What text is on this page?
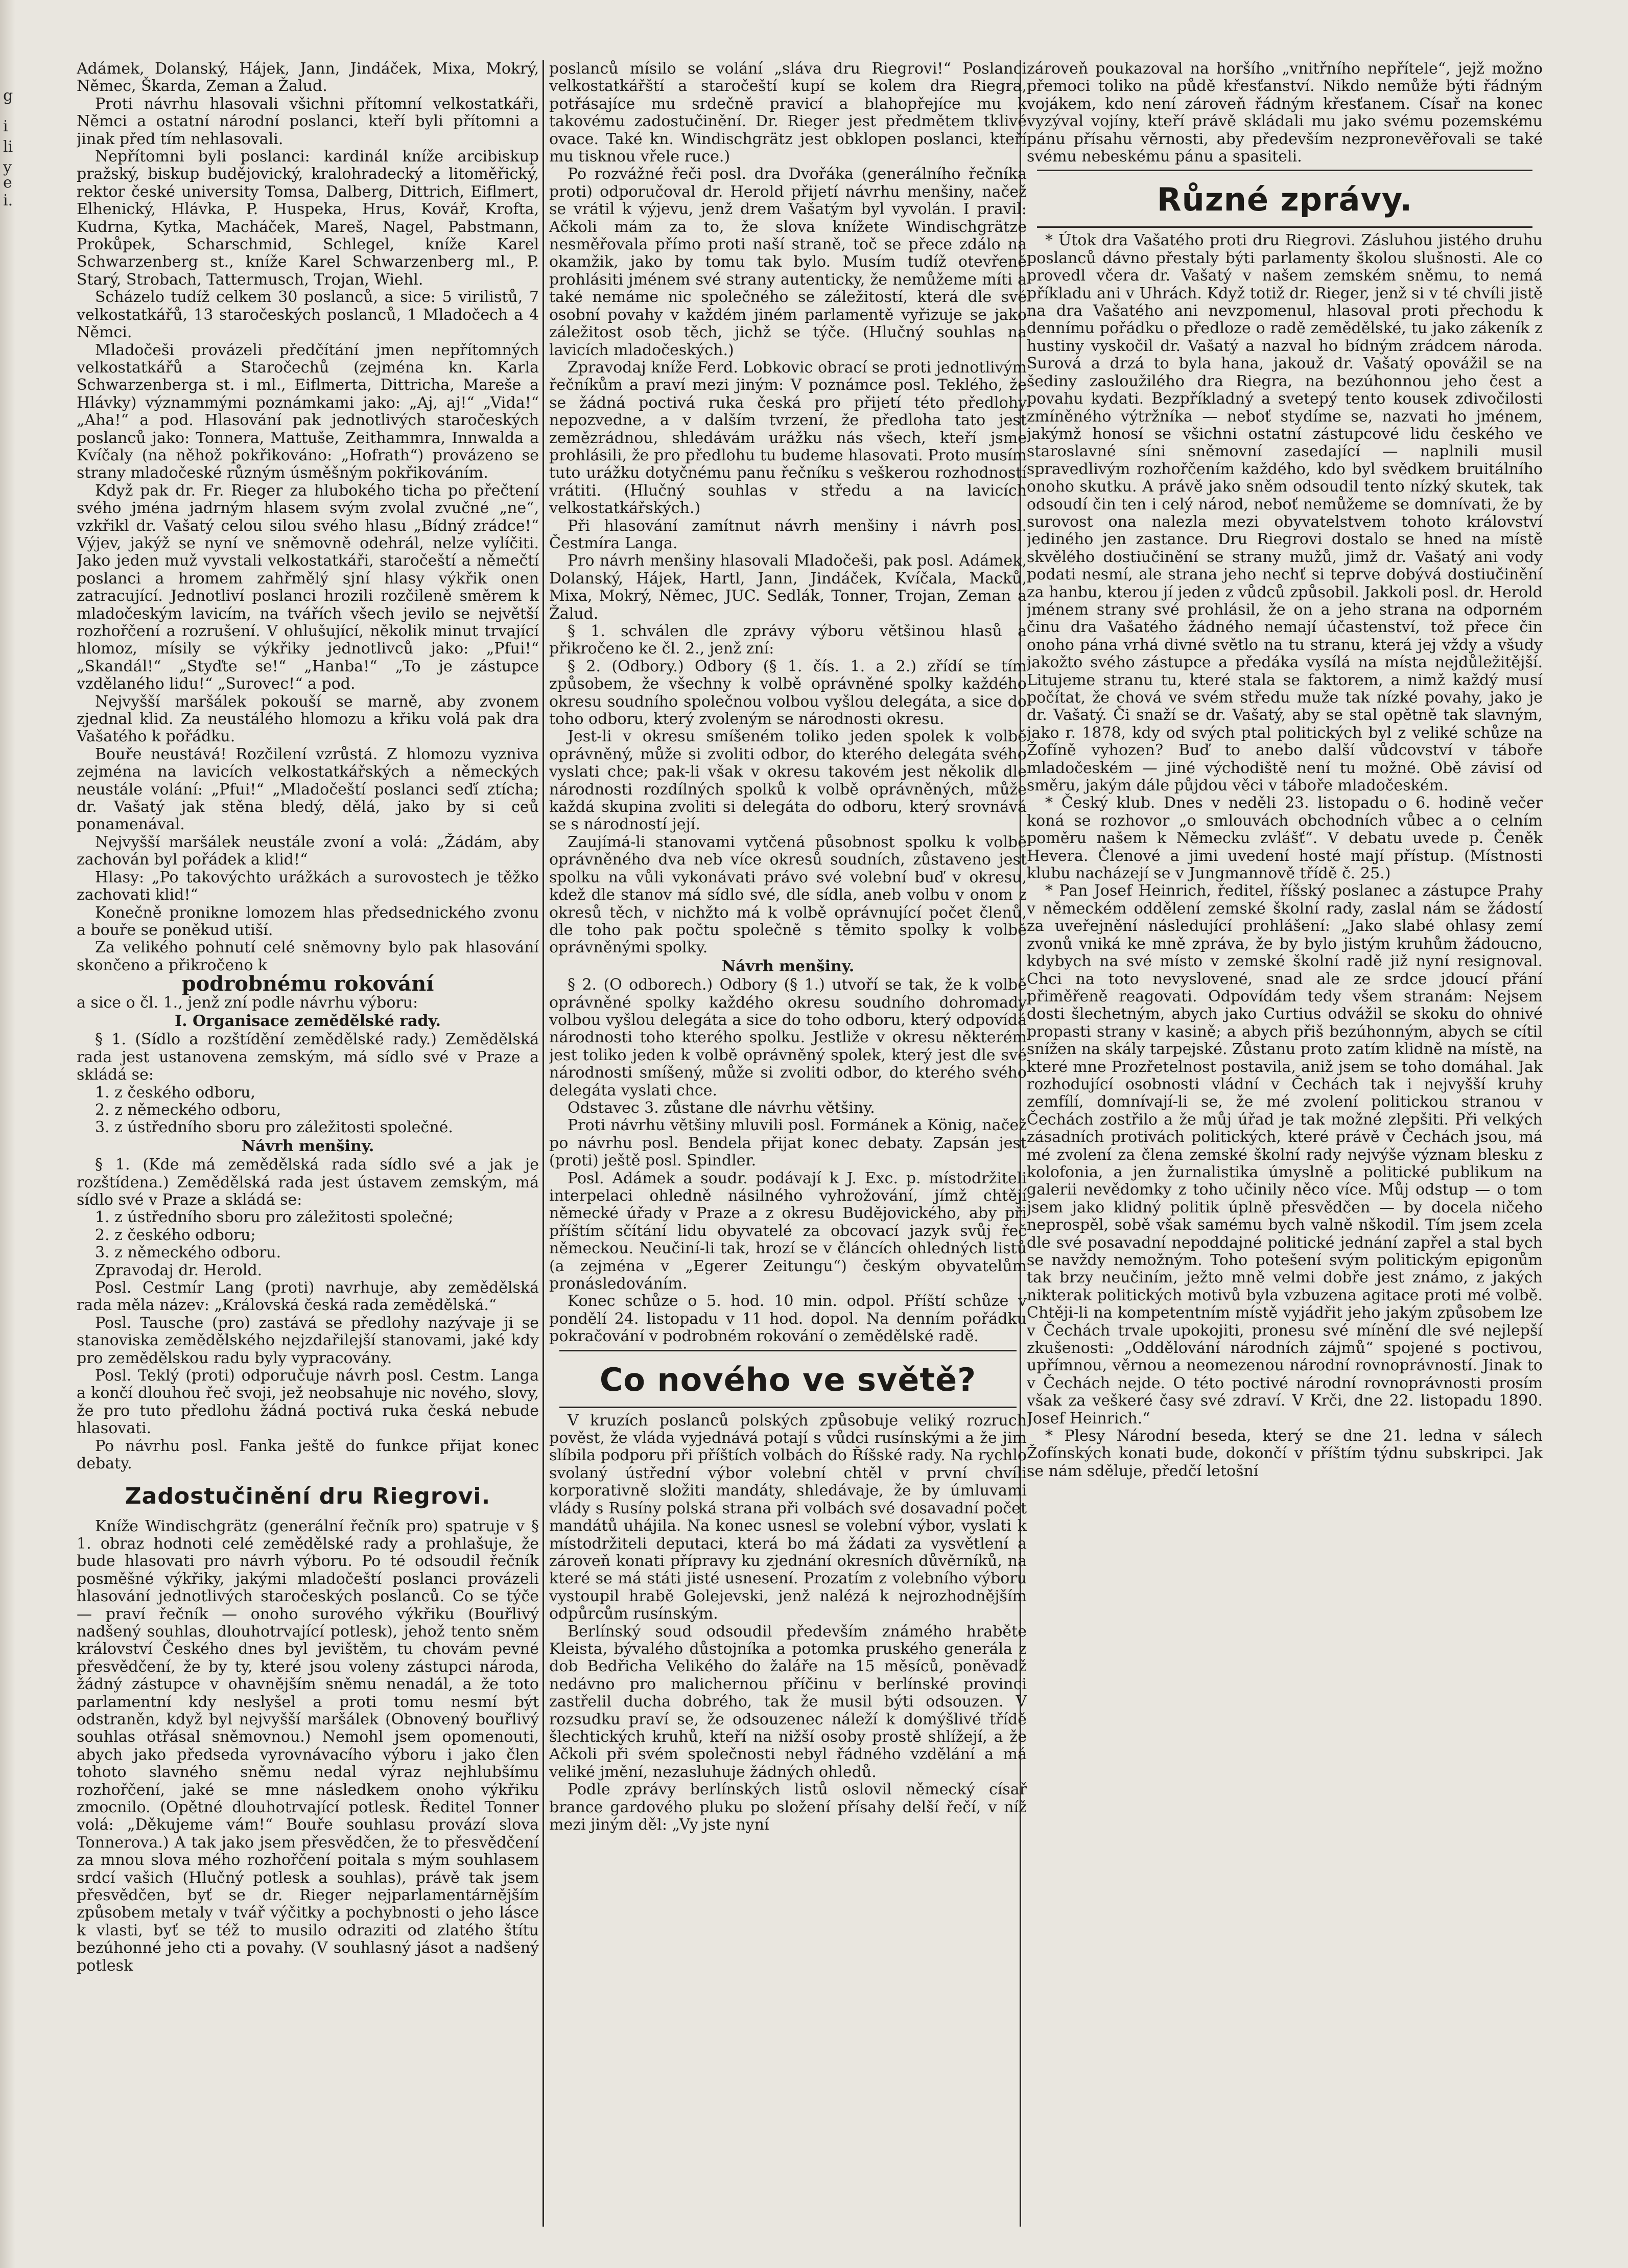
g
i
li
y
e
i.

Adámek, Dolanský, Hájek, Jann, Jindáček, Mixa, Mokrý, Němec, Škarda, Zeman a Žalud.

Proti návrhu hlasovali všichni přítomní velkostatkáři, Němci a ostatní národní poslanci, kteří byli přítomni a jinak před tím nehlasovali.

Nepřítomni byli poslanci: kardinál kníže arcibiskup pražský, biskup budějovický, kralohradecký a litoměřický, rektor české university Tomsa, Dalberg, Dittrich, Eiflmert, Elhenický, Hlávka, P. Huspeka, Hrus, Kovář, Krofta, Kudrna, Kytka, Macháček, Mareš, Nagel, Pabstmann, Prokůpek, Scharschmid, Schlegel, kníže Karel Schwarzenberg st., kníže Karel Schwarzenberg ml., P. Starý, Strobach, Tattermusch, Trojan, Wiehl.

Scházelo tudíž celkem 30 poslanců, a sice: 5 virilistů, 7 velkostatkářů, 13 staročeských poslanců, 1 Mladočech a 4 Němci.

Mladočeši provázeli předčítání jmen nepřítomných velkostatkářů a Staročechů (zejména kn. Karla Schwarzenberga st. i ml., Eiflmerta, Dittricha, Mareše a Hlávky) význammými poznámkami jako: „Aj, aj!“ „Vida!“ „Aha!“ a pod. Hlasování pak jednotlivých staročeských poslanců jako: Tonnera, Mattuše, Zeithammra, Innwalda a Kvíčaly (na něhož pokřikováno: „Hofrath“) provázeno se strany mladočeské různým úsměšným pokřikováním.

Když pak dr. Fr. Rieger za hlubokého ticha po přečtení svého jména jadrným hlasem svým zvolal zvučné „ne“, vzkřikl dr. Vašatý celou silou svého hlasu „Bídný zrádce!“ Výjev, jakýž se nyní ve sněmovně odehrál, nelze vylíčiti. Jako jeden muž vyvstali velkostatkáři, staročeští a němečtí poslanci a hromem zahřmělý sjní hlasy výkřik onen zatracující. Jednotliví poslanci hrozili rozčileně směrem k mladočeským lavicím, na tvářích všech jevilo se největší rozhořčení a rozrušení. V ohlušující, několik minut trvající hlomoz, mísily se výkřiky jednotlivců jako: „Pfui!“ „Skandál!“ „Styďte se!“ „Hanba!“ „To je zástupce vzdělaného lidu!“ „Surovec!“ a pod.

Nejvyšší maršálek pokouší se marně, aby zvonem zjednal klid. Za neustálého hlomozu a křiku volá pak dra Vašatého k pořádku.

Bouře neustává! Rozčilení vzrůstá. Z hlomozu vyzniva zejména na lavicích velkostatkářských a německých neustále volání: „Pfui!“ „Mladočeští poslanci seďí ztícha; dr. Vašatý jak stěna bledý, dělá, jako by si ceů ponamenával.

Nejvyšší maršálek neustále zvoní a volá: „Žádám, aby zachován byl pořádek a klid!“

Hlasy: „Po takovýchto urážkách a surovostech je těžko zachovati klid!“

Konečně pronikne lomozem hlas předsednického zvonu a bouře se poněkud utiší.

Za velikého pohnutí celé sněmovny bylo pak hlasování skončeno a přikročeno k

podrobnému rokování

a sice o čl. 1., jenž zní podle návrhu výboru:

I. Organisace zemědělské rady.

§ 1. (Sídlo a rozštídění zemědělské rady.) Zemědělská rada jest ustanovena zemským, má sídlo své v Praze a skládá se:

1. z českého odboru,

2. z německého odboru,

3. z ústředního sboru pro záležitosti společné.

Návrh menšiny.

§ 1. (Kde má zemědělská rada sídlo své a jak je rozštídena.) Zemědělská rada jest ústavem zemským, má sídlo své v Praze a skládá se:

1. z ústředního sboru pro záležitosti společné;

2. z českého odboru;

3. z německého odboru.

Zpravodaj dr. Herold.

Posl. Cestmír Lang (proti) navrhuje, aby zemědělská rada měla název: „Královská česká rada zemědělská.“

Posl. Tausche (pro) zastává se předlohy nazývaje ji se stanoviska zemědělského nejzdařilejší stanovami, jaké kdy pro zemědělskou radu byly vypracovány.

Posl. Teklý (proti) odporučuje návrh posl. Cestm. Langa a končí dlouhou řeč svoji, jež neobsahuje nic nového, slovy, že pro tuto předlohu žádná poctivá ruka česká nebude hlasovati.

Po návrhu posl. Fanka ještě do funkce přijat konec debaty.

Zadostučinění dru Riegrovi.

Kníže Windischgrätz (generální řečník pro) spatruje v § 1. obraz hodnoti celé zemědělské rady a prohlašuje, že bude hlasovati pro návrh výboru. Po té odsoudil řečník posměšné výkřiky, jakými mladočeští poslanci provázeli hlasování jednotlivých staročeských poslanců. Co se týče — praví řečník — onoho surového výkřiku (Bouřlivý nadšený souhlas, dlouhotrvající potlesk), jehož tento sněm království Českého dnes byl jevištěm, tu chovám pevné přesvědčení, že by ty, které jsou voleny zástupci národa, žádný zástupce v ohavnějším sněmu nenadál, a že toto parlamentní kdy neslyšel a proti tomu nesmí být odstraněn, když byl nejvyšší maršálek (Obnovený bouřlivý souhlas otřásal sněmovnou.) Nemohl jsem opomenouti, abych jako předseda vyrovnávacího výboru i jako člen tohoto slavného sněmu nedal výraz nejhlubšímu rozhořčení, jaké se mne následkem onoho výkřiku zmocnilo. (Opětné dlouhotrvající potlesk. Ředitel Tonner volá: „Děkujeme vám!“ Bouře souhlasu provází slova Tonnerova.) A tak jako jsem přesvědčen, že to přesvědčení za mnou slova mého rozhořčení poitala s mým souhlasem srdcí vašich (Hlučný potlesk a souhlas), právě tak jsem přesvědčen, byť se dr. Rieger nejparlamentárnějším způsobem metaly v tvář výčitky a pochybnosti o jeho lásce k vlasti, byť se též to musilo odraziti od zlatého štítu bezúhonné jeho cti a povahy. (V souhlasný jásot a nadšený potlesk

poslanců mísilo se volání „sláva dru Riegrovi!“ Poslanci velkostatkářští a staročeští kupí se kolem dra Riegra, potřásajíce mu srdečně pravicí a blahopřejíce mu k takovému zadostučinění. Dr. Rieger jest předmětem tklivé ovace. Také kn. Windischgrätz jest obklopen poslanci, kteří mu tisknou vřele ruce.)

Po rozvážné řeči posl. dra Dvořáka (generálního řečníka proti) odporučoval dr. Herold přijetí návrhu menšiny, načež se vrátil k výjevu, jenž drem Vašatým byl vyvolán. I pravil: Ačkoli mám za to, že slova knížete Windischgrätze nesměřovala přímo proti naší straně, toč se přece zdálo na okamžik, jako by tomu tak bylo. Musím tudíž otevřeně prohlásiti jménem své strany autenticky, že nemůžeme míti a také nemáme nic společného se záležitostí, která dle své osobní povahy v každém jiném parlamentě vyřizuje se jako záležitost osob těch, jichž se týče. (Hlučný souhlas na lavicích mladočeských.)

Zpravodaj kníže Ferd. Lobkovic obrací se proti jednotlivým řečníkům a praví mezi jiným: V poznámce posl. Teklého, že se žádná poctivá ruka česká pro přijetí této předlohy nepozvedne, a v dalším tvrzení, že předloha tato jest zemězrádnou, shledávám urážku nás všech, kteří jsme prohlásili, že pro předlohu tu budeme hlasovati. Proto musím tuto urážku dotyčnému panu řečníku s veškerou rozhodností vrátiti. (Hlučný souhlas v středu a na lavicích velkostatkářských.)

Při hlasování zamítnut návrh menšiny i návrh posl. Čestmíra Langa.

Pro návrh menšiny hlasovali Mladočeši, pak posl. Adámek, Dolanský, Hájek, Hartl, Jann, Jindáček, Kvíčala, Macků, Mixa, Mokrý, Němec, JUC. Sedlák, Tonner, Trojan, Zeman a Žalud.

§ 1. schválen dle zprávy výboru většinou hlasů a přikročeno ke čl. 2., jenž zní:

§ 2. (Odbory.) Odbory (§ 1. čís. 1. a 2.) zřídí se tím způsobem, že všechny k volbě oprávněné spolky každého okresu soudního společnou volbou vyšlou delegáta, a sice do toho odboru, který zvoleným se národnosti okresu.

Jest-li v okresu smíšeném toliko jeden spolek k volbě oprávněný, může si zvoliti odbor, do kterého delegáta svého vyslati chce; pak-li však v okresu takovém jest několik dle národnosti rozdílných spolků k volbě oprávněných, může každá skupina zvoliti si delegáta do odboru, který srovnává se s národností její.

Zaujímá-li stanovami vytčená působnost spolku k volbě oprávněného dva neb více okresů soudních, zůstaveno jest spolku na vůli vykonávati právo své volební buď v okresu, kdež dle stanov má sídlo své, dle sídla, aneb volbu v onom z okresů těch, v nichžto má k volbě oprávnující počet členů, dle toho pak počtu společně s těmito spolky k volbě oprávněnými spolky.

Návrh menšiny.

§ 2. (O odborech.) Odbory (§ 1.) utvoří se tak, že k volbě oprávněné spolky každého okresu soudního dohromady volbou vyšlou delegáta a sice do toho odboru, který odpovídá národnosti toho kterého spolku. Jestliže v okresu některém jest toliko jeden k volbě oprávněný spolek, který jest dle své národnosti smíšený, může si zvoliti odbor, do kterého svého delegáta vyslati chce.

Odstavec 3. zůstane dle návrhu většiny.

Proti návrhu většiny mluvili posl. Formánek a König, načež po návrhu posl. Bendela přijat konec debaty. Zapsán jest (proti) ještě posl. Spindler.

Posl. Adámek a soudr. podávají k J. Exc. p. místodržiteli interpelaci ohledně násilného vyhrožování, jímž chtějí německé úřady v Praze a z okresu Budějovického, aby při příštím sčítání lidu obyvatelé za obcovací jazyk svůj řeč německou. Neučiní-li tak, hrozí se v článcích ohledných listů (a zejména v „Egerer Zeitungu“) českým obyvatelům pronásledováním.

Konec schůze o 5. hod. 10 min. odpol. Příští schůze v pondělí 24. listopadu v 11 hod. dopol. Na denním pořádku pokračování v podrobném rokování o zemědělské radě.

Co nového ve světě?

V kruzích poslanců polských způsobuje veliký rozruch pověst, že vláda vyjednává potají s vůdci rusínskými a že jim slíbila podporu při příštích volbách do Říšské rady. Na rychlo svolaný ústřední výbor volební chtěl v první chvíli korporativně složiti mandáty, shledávaje, že by úmluvami vlády s Rusíny polská strana při volbách své dosavadní počet mandátů uhájila. Na konec usnesl se volební výbor, vyslati k místodržiteli deputaci, která bo má žádati za vysvětlení a zároveň konati přípravy ku zjednání okresních důvěrníků, na které se má státi jisté usnesení. Prozatím z volebního výboru vystoupil hrabě Golejevski, jenž nalézá k nejrozhodnějším odpůrcům rusínským.

Berlínský soud odsoudil především známého hraběte Kleista, bývalého důstojníka a potomka pruského generála z dob Bedřicha Velikého do žaláře na 15 měsíců, poněvadž nedávno pro malichernou příčinu v berlínské provinci zastřelil ducha dobrého, tak že musil býti odsouzen. V rozsudku praví se, že odsouzenec náleží k domýšlivé třídě šlechtických kruhů, kteří na nižší osoby prostě shlížejí, a že Ačkoli při svém společnosti nebyl řádného vzdělání a má veliké jmění, nezasluhuje žádných ohledů.

Podle zprávy berlínských listů oslovil německý císař brance gardového pluku po složení přísahy delší řečí, v níž mezi jiným děl: „Vy jste nyní

zároveň poukazoval na horšího „vnitřního nepřítele“, jejž možno přemoci toliko na půdě křesťanství. Nikdo nemůže býti řádným vojákem, kdo není zároveň řádným křesťanem. Císař na konec vyzýval vojíny, kteří právě skládali mu jako svému pozemskému pánu přísahu věrnosti, aby především nezpronevěřovali se také svému nebeskému pánu a spasiteli.

Různé zprávy.

* Útok dra Vašatého proti dru Riegrovi. Zásluhou jistého druhu poslanců dávno přestaly býti parlamenty školou slušnosti. Ale co provedl včera dr. Vašatý v našem zemském sněmu, to nemá příkladu ani v Uhrách. Když totiž dr. Rieger, jenž si v té chvíli jistě na dra Vašatého ani nevzpomenul, hlasoval proti přechodu k dennímu pořádku o předloze o radě zemědělské, tu jako zákeník z hustiny vyskočil dr. Vašatý a nazval ho bídným zrádcem národa. Surová a drzá to byla hana, jakouž dr. Vašatý opovážil se na šediny zasloužilého dra Riegra, na bezúhonnou jeho čest a povahu kydati. Bezpříkladný a svetepý tento kousek zdivočilosti zmíněného výtržníka — neboť stydíme se, nazvati ho jménem, jakýmž honosí se všichni ostatní zástupcové lidu českého ve staroslavné síni sněmovní zasedající — naplnili musil spravedlivým rozhořčením každého, kdo byl svědkem bruitálního onoho skutku. A právě jako sněm odsoudil tento nízký skutek, tak odsoudí čin ten i celý národ, neboť nemůžeme se domnívati, že by surovost ona nalezla mezi obyvatelstvem tohoto království jediného jen zastance. Dru Riegrovi dostalo se hned na místě skvělého dostiučinění se strany mužů, jimž dr. Vašatý ani vody podati nesmí, ale strana jeho nechť si teprve dobývá dostiučinění za hanbu, kterou jí jeden z vůdců způsobil. Jakkoli posl. dr. Herold jménem strany své prohlásil, že on a jeho strana na odporném činu dra Vašatého žádného nemají účastenství, tož přece čin onoho pána vrhá divné světlo na tu stranu, která jej vždy a všudy jakožto svého zástupce a předáka vysílá na místa nejdůležitější. Litujeme stranu tu, které stala se faktorem, a nimž každý musí počítat, že chová ve svém středu muže tak nízké povahy, jako je dr. Vašatý. Či snaží se dr. Vašatý, aby se stal opětně tak slavným, jako r. 1878, kdy od svých ptal politických byl z veliké schůze na Žofíně vyhozen? Buď to anebo další vůdcovství v táboře mladočeském — jiné východiště není tu možné. Obě závisí od směru, jakým dále půjdou věci v táboře mladočeském.

* Český klub. Dnes v neděli 23. listopadu o 6. hodině večer koná se rozhovor „o smlouvách obchodních vůbec a o celním poměru našem k Německu zvlášť“. V debatu uvede p. Čeněk Hevera. Členové a jimi uvedení hosté mají přístup. (Místnosti klubu nacházejí se v Jungmannově třídě č. 25.)

* Pan Josef Heinrich, ředitel, říšský poslanec a zástupce Prahy v německém oddělení zemské školní rady, zaslal nám se žádostí za uveřejnění následující prohlášení: „Jako slabé ohlasy zemí zvonů vniká ke mně zpráva, že by bylo jistým kruhům žádoucno, kdybych na své místo v zemské školní radě již nyní resignoval. Chci na toto nevyslovené, snad ale ze srdce jdoucí přání přiměřeně reagovati. Odpovídám tedy všem stranám: Nejsem dosti šlechetným, abych jako Curtius odvážil se skoku do ohnivé propasti strany v kasině; a abych přiš bezúhonným, abych se cítil snížen na skály tarpejské. Zůstanu proto zatím klidně na místě, na které mne Prozřetelnost postavila, aniž jsem se toho domáhal. Jak rozhodující osobnosti vládní v Čechách tak i nejvyšší kruhy zemfílí, domnívají-li se, že mé zvolení politickou stranou v Čechách zostřilo a že můj úřad je tak možné zlepšiti. Při velkých zásadních protivách politických, které právě v Čechách jsou, má mé zvolení za člena zemské školní rady nejvýše význam blesku z kolofonia, a jen žurnalistika úmyslně a politické publikum na galerii nevědomky z toho učinily něco více. Můj odstup — o tom jsem jako klidný politik úplně přesvědčen — by docela ničeho neprospěl, sobě však samému bych valně nškodil. Tím jsem zcela dle své posavadní nepoddajné politické jednání zapřel a stal bych se navždy nemožným. Toho potešení svým politickým epigonům tak brzy neučiním, ježto mně velmi dobře jest známo, z jakých nikterak politických motivů byla vzbuzena agitace proti mé volbě. Chtěji-li na kompetentním místě vyjádřit jeho jakým způsobem lze v Čechách trvale upokojiti, pronesu své mínění dle své nejlepší zkušenosti: „Oddělování národních zájmů“ spojené s poctivou, upřímnou, věrnou a neomezenou národní rovnoprávností. Jinak to v Čechách nejde. O této poctivé národní rovnoprávnosti prosím však za veškeré časy své zdraví. V Krči, dne 22. listopadu 1890. Josef Heinrich.“

* Plesy Národní beseda, který se dne 21. ledna v sálech Žofínských konati bude, dokončí v příštím týdnu subskripci. Jak se nám sděluje, předčí letošní
